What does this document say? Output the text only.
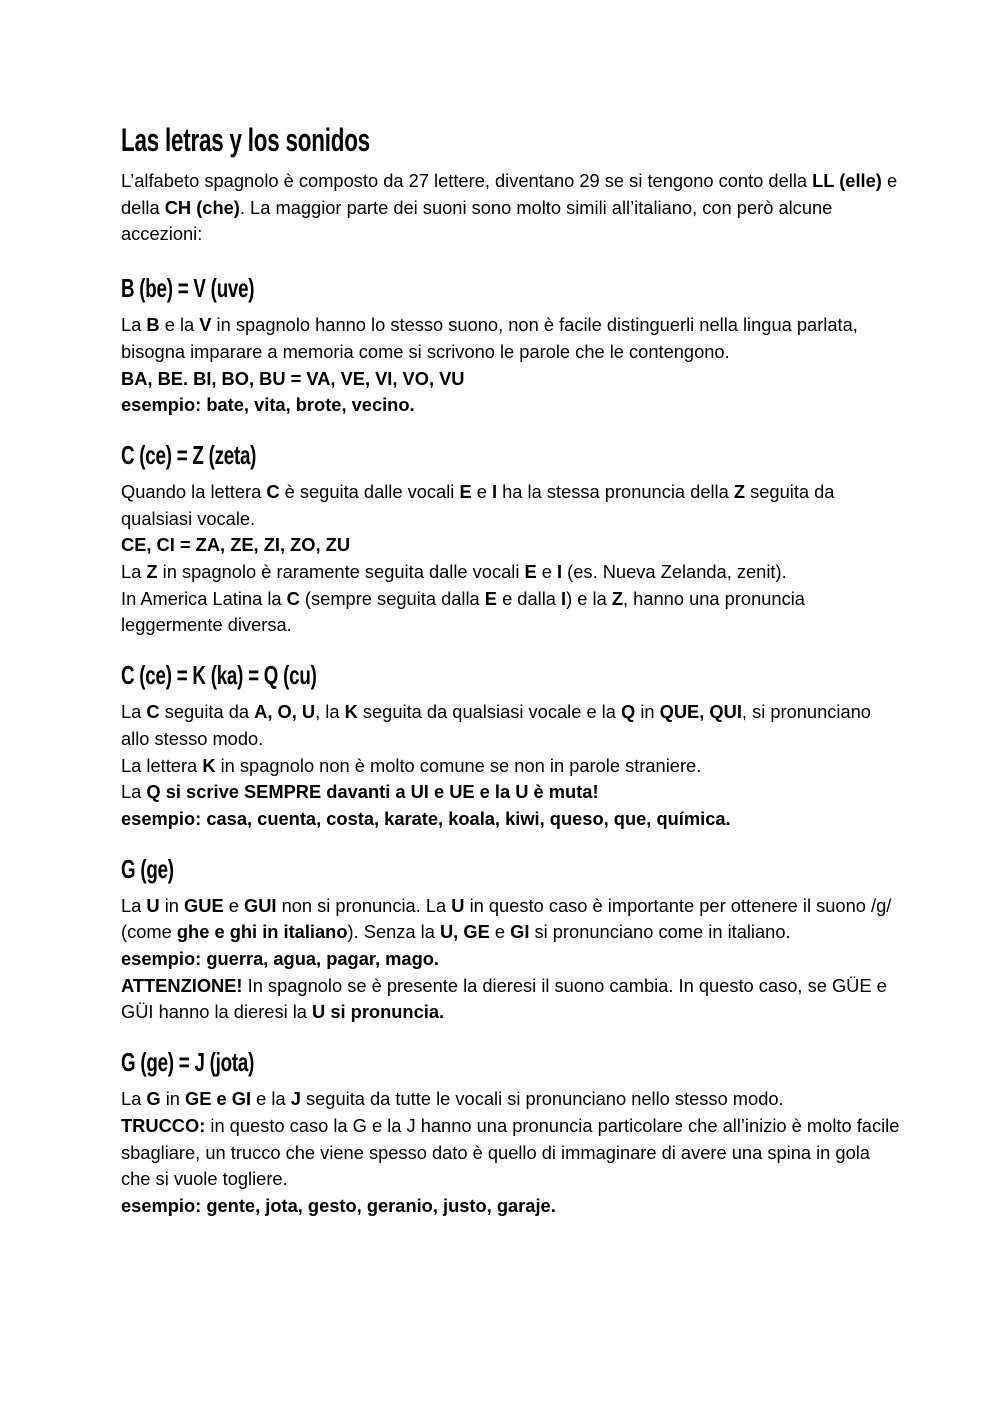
Las letras y los sonidos

L’alfabeto spagnolo è composto da 27 lettere, diventano 29 se si tengono conto della LL (elle) e della CH (che). La maggior parte dei suoni sono molto simili all’italiano, con però alcune accezioni:

B (be) = V (uve)

La B e la V in spagnolo hanno lo stesso suono, non è facile distinguerli nella lingua parlata, bisogna imparare a memoria come si scrivono le parole che le contengono.

BA, BE. BI, BO, BU = VA, VE, VI, VO, VU

esempio: bate, vita, brote, vecino.

C (ce) = Z (zeta)

Quando la lettera C è seguita dalle vocali E e I ha la stessa pronuncia della Z seguita da qualsiasi vocale.

CE, CI = ZA, ZE, ZI, ZO, ZU

La Z in spagnolo è raramente seguita dalle vocali E e I (es. Nueva Zelanda, zenit).

In America Latina la C (sempre seguita dalla E e dalla I) e la Z, hanno una pronuncia leggermente diversa.

C (ce) = K (ka) = Q (cu)

La C seguita da A, O, U, la K seguita da qualsiasi vocale e la Q in QUE, QUI, si pronunciano allo stesso modo.

La lettera K in spagnolo non è molto comune se non in parole straniere.

La Q si scrive SEMPRE davanti a UI e UE e la U è muta!

esempio: casa, cuenta, costa, karate, koala, kiwi, queso, que, química.

G (ge)

La U in GUE e GUI non si pronuncia. La U in questo caso è importante per ottenere il suono /g/ (come ghe e ghi in italiano). Senza la U, GE e GI si pronunciano come in italiano.

esempio: guerra, agua, pagar, mago.

ATTENZIONE! In spagnolo se è presente la dieresi il suono cambia. In questo caso, se GÜE e GÜI hanno la dieresi la U si pronuncia.

G (ge) = J (jota)

La G in GE e GI e la J seguita da tutte le vocali si pronunciano nello stesso modo.

TRUCCO: in questo caso la G e la J hanno una pronuncia particolare che all’inizio è molto facile sbagliare, un trucco che viene spesso dato è quello di immaginare di avere una spina in gola che si vuole togliere.

esempio: gente, jota, gesto, geranio, justo, garaje.
